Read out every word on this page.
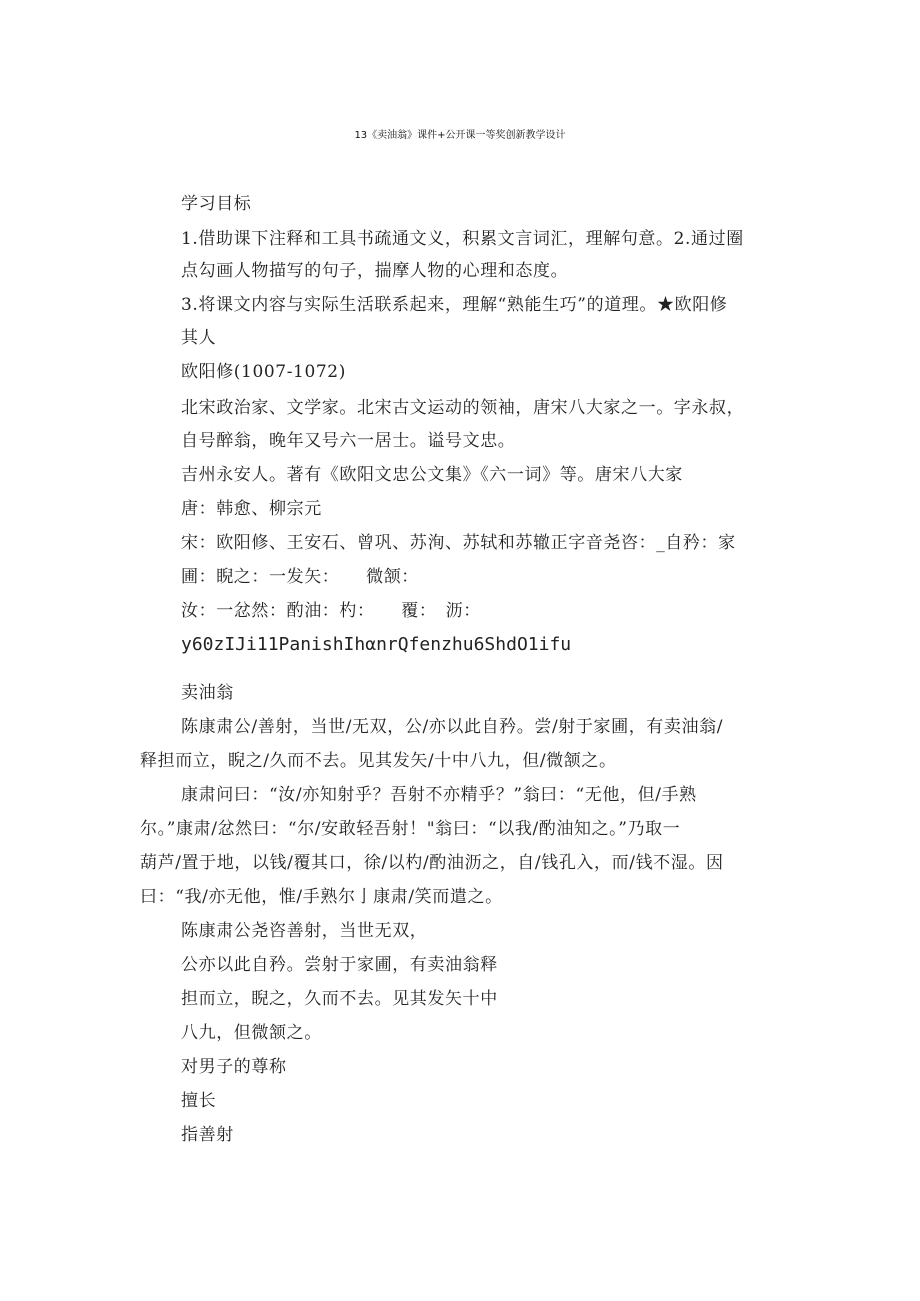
13《卖油翁》课件+公开课一等奖创新教学设计
学习目标
1.借助课下注释和工具书疏通文义，积累文言词汇，理解句意。2.通过圈
点勾画人物描写的句子，揣摩人物的心理和态度。
3.将课文内容与实际生活联系起来，理解“熟能生巧”的道理。★欧阳修
其人
欧阳修(1007-1072)
北宋政治家、文学家。北宋古文运动的领袖，唐宋八大家之一。字永叔，
自号醉翁，晚年又号六一居士。谥号文忠。
吉州永安人。著有《欧阳文忠公文集》《六一词》等。唐宋八大家
唐：韩愈、柳宗元
宋：欧阳修、王安石、曾巩、苏洵、苏轼和苏辙正字音尧咨：_自矜：家
圃：睨之：一发矢：　　微颔：
汝：一忿然：酌油：杓：　　覆：　沥：
y60zIJi11PanishIhαnrQfenzhu6ShdO1ifu
卖油翁
陈康肃公/善射，当世/无双，公/亦以此自矜。尝/射于家圃，有卖油翁/
释担而立，睨之/久而不去。见其发矢/十中八九，但/微颔之。
康肃问曰：“汝/亦知射乎？吾射不亦精乎？”翁曰：“无他，但/手熟
尔。”康肃/忿然曰：“尔/安敢轻吾射！"翁曰：“以我/酌油知之。”乃取一
葫芦/置于地，以钱/覆其口，徐/以杓/酌油沥之，自/钱孔入，而/钱不湿。因
曰：“我/亦无他，惟/手熟尔亅康肃/笑而遣之。
陈康肃公尧咨善射，当世无双，
公亦以此自矜。尝射于家圃，有卖油翁释
担而立，睨之，久而不去。见其发矢十中
八九，但微颔之。
对男子的尊称
擅长
指善射
